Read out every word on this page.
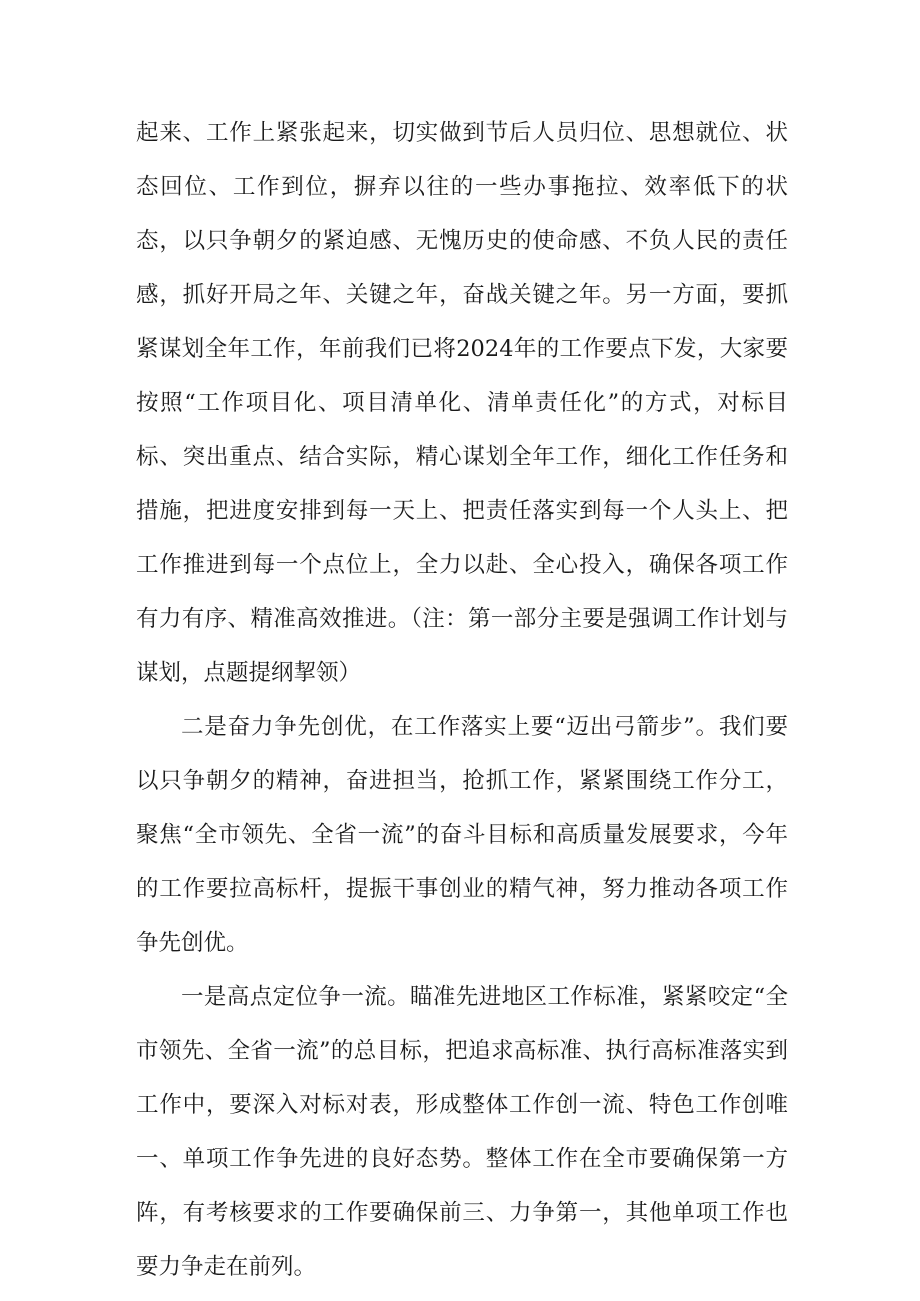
起来、工作上紧张起来，切实做到节后人员归位、思想就位、状态回位、工作到位，摒弃以往的一些办事拖拉、效率低下的状态，以只争朝夕的紧迫感、无愧历史的使命感、不负人民的责任感，抓好开局之年、关键之年，奋战关键之年。另一方面，要抓紧谋划全年工作，年前我们已将2024年的工作要点下发，大家要按照“工作项目化、项目清单化、清单责任化”的方式，对标目标、突出重点、结合实际，精心谋划全年工作，细化工作任务和措施，把进度安排到每一天上、把责任落实到每一个人头上、把工作推进到每一个点位上，全力以赴、全心投入，确保各项工作有力有序、精准高效推进。（注：第一部分主要是强调工作计划与谋划，点题提纲挈领）

二是奋力争先创优，在工作落实上要“迈出弓箭步”。我们要以只争朝夕的精神，奋进担当，抢抓工作，紧紧围绕工作分工，聚焦“全市领先、全省一流”的奋斗目标和高质量发展要求，今年的工作要拉高标杆，提振干事创业的精气神，努力推动各项工作争先创优。

一是高点定位争一流。瞄准先进地区工作标准，紧紧咬定“全市领先、全省一流”的总目标，把追求高标准、执行高标准落实到工作中，要深入对标对表，形成整体工作创一流、特色工作创唯一、单项工作争先进的良好态势。整体工作在全市要确保第一方阵，有考核要求的工作要确保前三、力争第一，其他单项工作也要力争走在前列。
